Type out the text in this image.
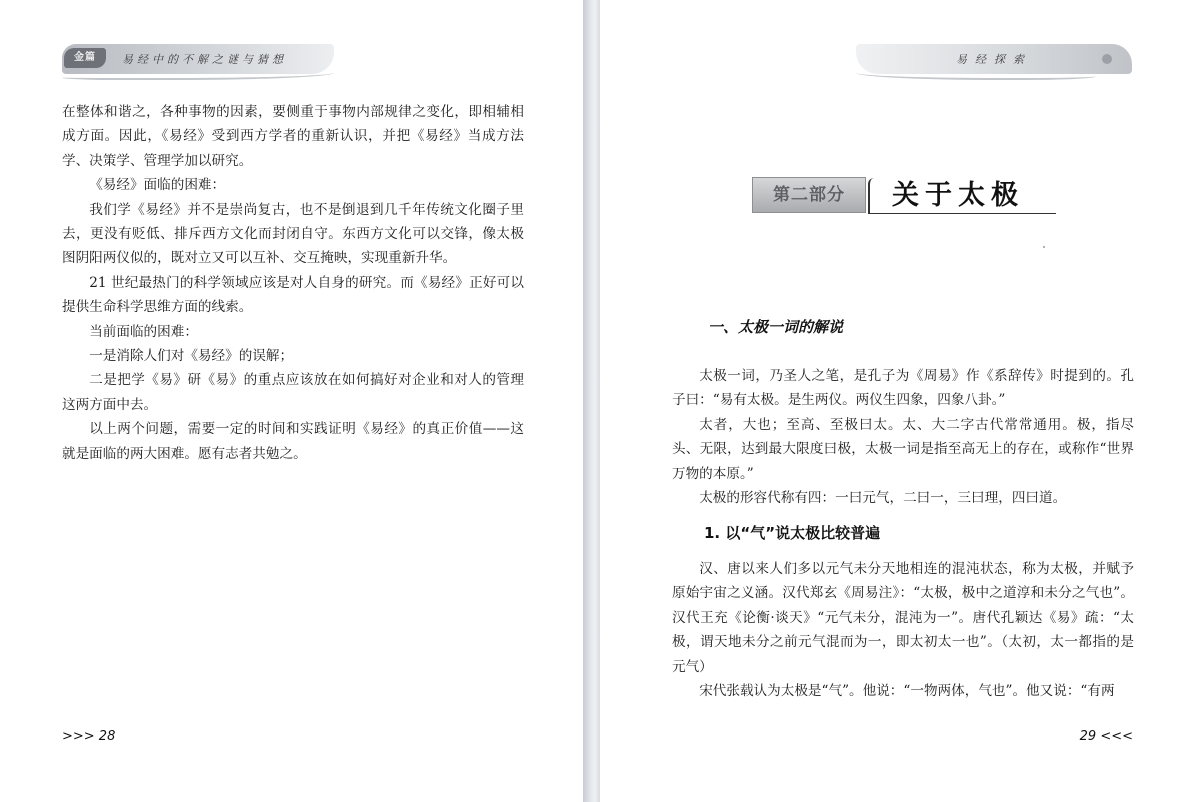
金篇	易经中的不解之谜与猜想

在整体和谐之，各种事物的因素，要侧重于事物内部规律之变化，即相辅相成方面。因此，《易经》受到西方学者的重新认识，并把《易经》当成方法学、决策学、管理学加以研究。

《易经》面临的困难：

我们学《易经》并不是崇尚复古，也不是倒退到几千年传统文化圈子里去，更没有贬低、排斥西方文化而封闭自守。东西方文化可以交锋，像太极图阴阳两仪似的，既对立又可以互补、交互掩映，实现重新升华。

21 世纪最热门的科学领域应该是对人自身的研究。而《易经》正好可以提供生命科学思维方面的线索。

当前面临的困难：

一是消除人们对《易经》的误解；

二是把学《易》研《易》的重点应该放在如何搞好对企业和对人的管理这两方面中去。

以上两个问题，需要一定的时间和实践证明《易经》的真正价值——这就是面临的两大困难。愿有志者共勉之。

>>> 28
易经探索
第二部分	关于太极
一、太极一词的解说

太极一词，乃圣人之笔，是孔子为《周易》作《系辞传》时提到的。孔子曰：“易有太极。是生两仪。两仪生四象，四象八卦。”

太者，大也；至高、至极曰太。太、大二字古代常常通用。极，指尽头、无限，达到最大限度曰极，太极一词是指至高无上的存在，或称作“世界万物的本原。”

太极的形容代称有四：一曰元气，二曰一，三曰理，四曰道。

1. 以“气”说太极比较普遍

汉、唐以来人们多以元气未分天地相连的混沌状态，称为太极，并赋予原始宇宙之义涵。汉代郑玄《周易注》：“太极，极中之道淳和未分之气也”。汉代王充《论衡·谈天》“元气未分，混沌为一”。唐代孔颖达《易》疏：“太极，谓天地未分之前元气混而为一，即太初太一也”。（太初，太一都指的是元气）

宋代张载认为太极是“气”。他说：“一物两体，气也”。他又说：“有两

29 <<<
